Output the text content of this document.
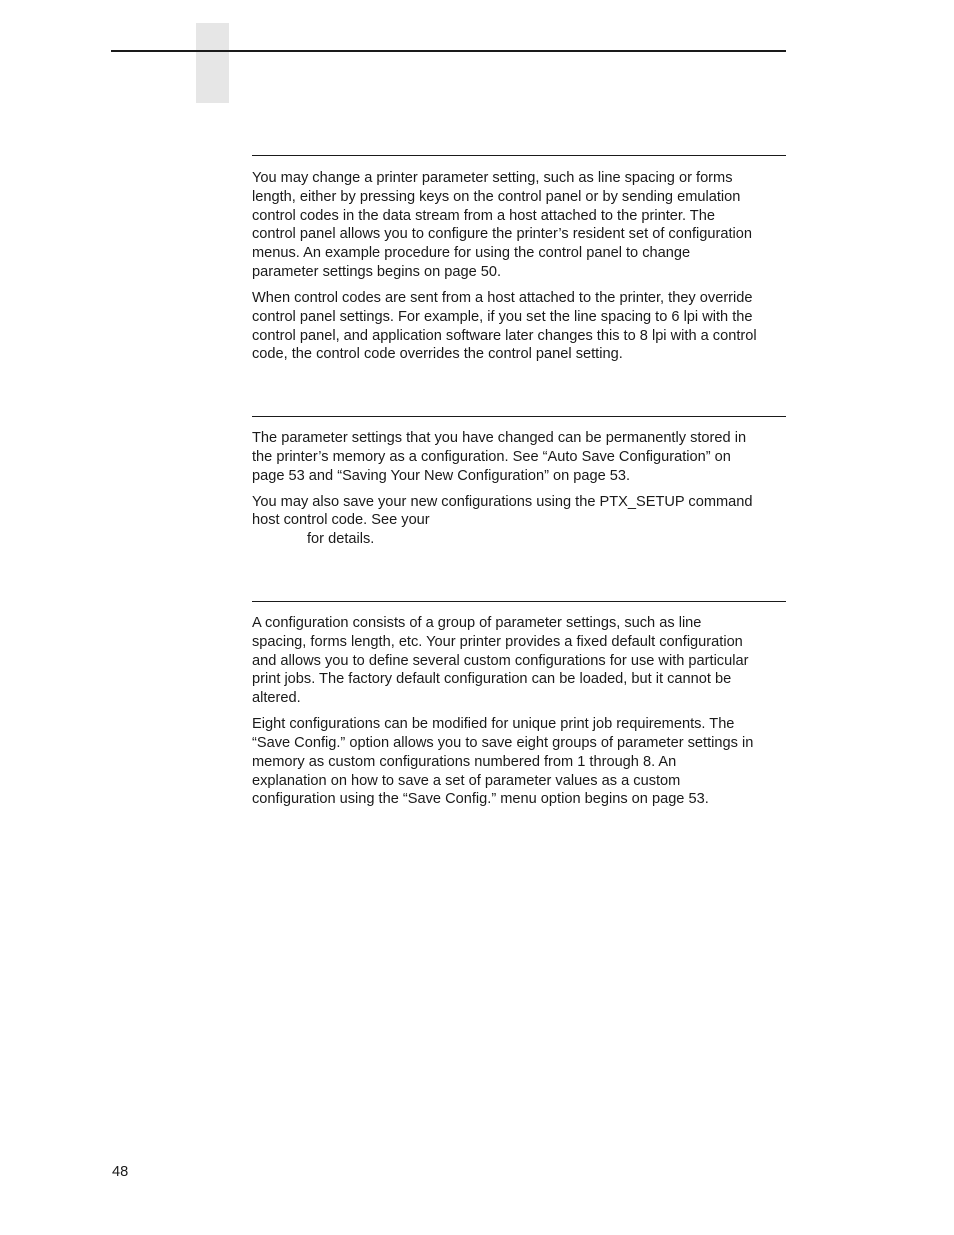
You may change a printer parameter setting, such as line spacing or forms
length, either by pressing keys on the control panel or by sending emulation
control codes in the data stream from a host attached to the printer. The
control panel allows you to configure the printer’s resident set of configuration
menus. An example procedure for using the control panel to change
parameter settings begins on page 50.

When control codes are sent from a host attached to the printer, they override
control panel settings. For example, if you set the line spacing to 6 lpi with the
control panel, and application software later changes this to 8 lpi with a control
code, the control code overrides the control panel setting.

The parameter settings that you have changed can be permanently stored in
the printer’s memory as a configuration. See “Auto Save Configuration” on
page 53 and “Saving Your New Configuration” on page 53.

You may also save your new configurations using the PTX_SETUP command
host control code. See your
for details.

A configuration consists of a group of parameter settings, such as line
spacing, forms length, etc. Your printer provides a fixed default configuration
and allows you to define several custom configurations for use with particular
print jobs. The factory default configuration can be loaded, but it cannot be
altered.

Eight configurations can be modified for unique print job requirements. The
“Save Config.” option allows you to save eight groups of parameter settings in
memory as custom configurations numbered from 1 through 8. An
explanation on how to save a set of parameter values as a custom
configuration using the “Save Config.” menu option begins on page 53.

48
